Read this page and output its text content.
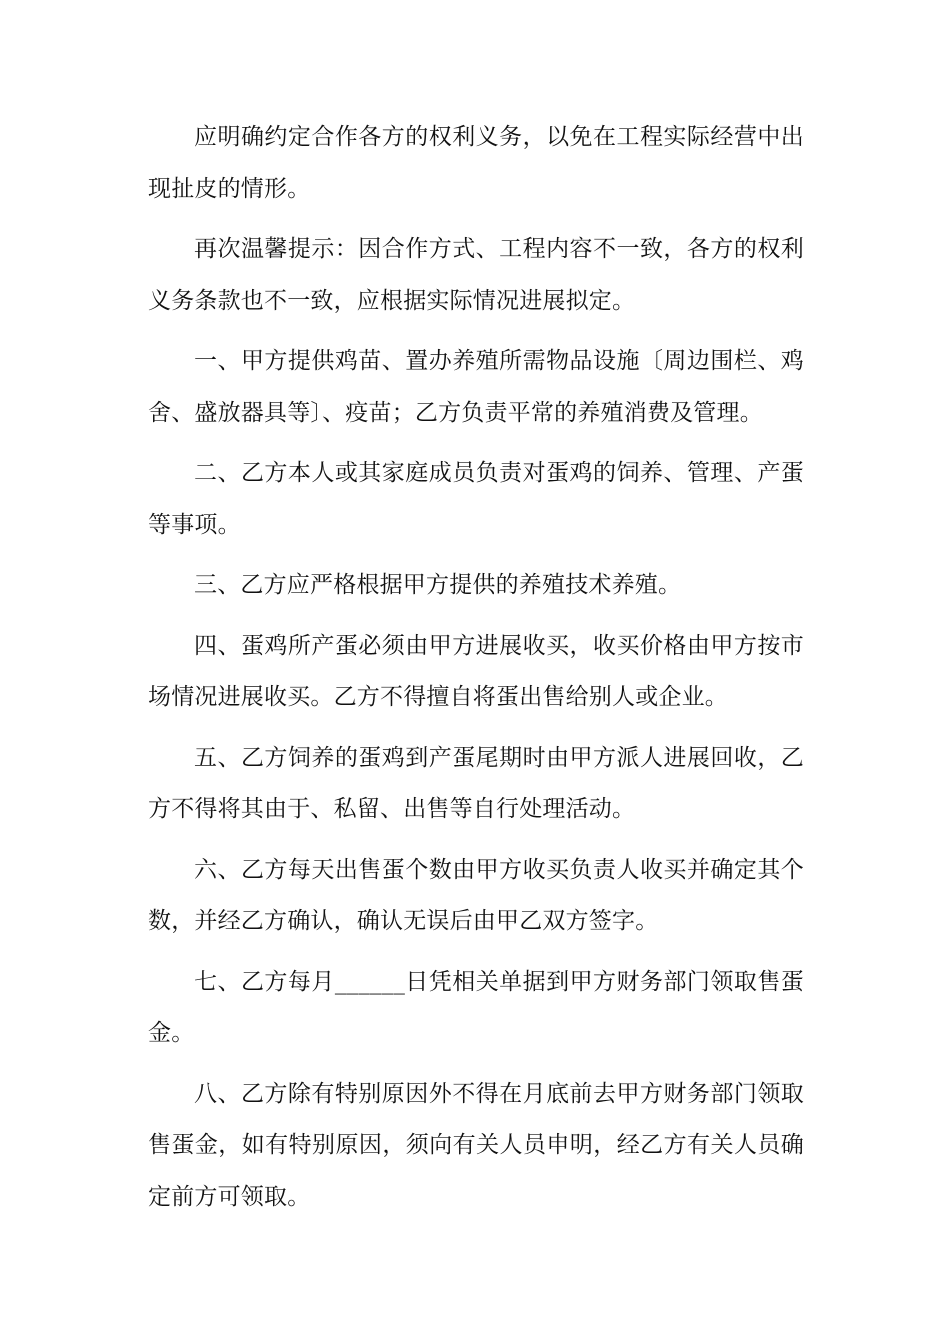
应明确约定合作各方的权利义务，以免在工程实际经营中出现扯皮的情形。

再次温馨提示：因合作方式、工程内容不一致，各方的权利义务条款也不一致，应根据实际情况进展拟定。

一、甲方提供鸡苗、置办养殖所需物品设施〔周边围栏、鸡舍、盛放器具等〕、疫苗；乙方负责平常的养殖消费及管理。

二、乙方本人或其家庭成员负责对蛋鸡的饲养、管理、产蛋等事项。

三、乙方应严格根据甲方提供的养殖技术养殖。

四、蛋鸡所产蛋必须由甲方进展收买，收买价格由甲方按市场情况进展收买。乙方不得擅自将蛋出售给别人或企业。

五、乙方饲养的蛋鸡到产蛋尾期时由甲方派人进展回收，乙方不得将其由于、私留、出售等自行处理活动。

六、乙方每天出售蛋个数由甲方收买负责人收买并确定其个数，并经乙方确认，确认无误后由甲乙双方签字。

七、乙方每月______日凭相关单据到甲方财务部门领取售蛋金。

八、乙方除有特别原因外不得在月底前去甲方财务部门领取售蛋金，如有特别原因，须向有关人员申明，经乙方有关人员确定前方可领取。
